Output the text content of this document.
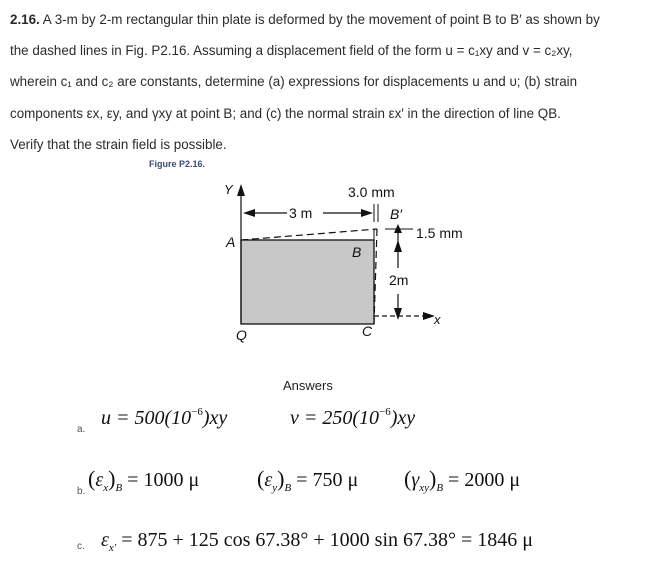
2.16. A 3-m by 2-m rectangular thin plate is deformed by the movement of point B to B′ as shown by
the dashed lines in Fig. P2.16. Assuming a displacement field of the form u = c₁xy and v = c₂xy,
wherein c₁ and c₂ are constants, determine (a) expressions for displacements u and υ; (b) strain
components εx, εy, and γxy at point B; and (c) the normal strain εx′ in the direction of line QB.
Verify that the strain field is possible.
Figure P2.16.
Y
x
3 m
3.0 mm
B′
1.5 mm
2m
A
Q
B
C
Answers
a.
$u = 500(10^{-6})xy$	$v = 250(10^{-6})xy$
b.
$(\varepsilon_x)_B = 1000$ μ	$(\varepsilon_y)_B = 750$ μ $(\gamma_{xy})_B = 2000$ μ
c. $\varepsilon_{x'} = 875 + 125$ cos 67.38° + 1000 sin 67.38° = 1846 μ
